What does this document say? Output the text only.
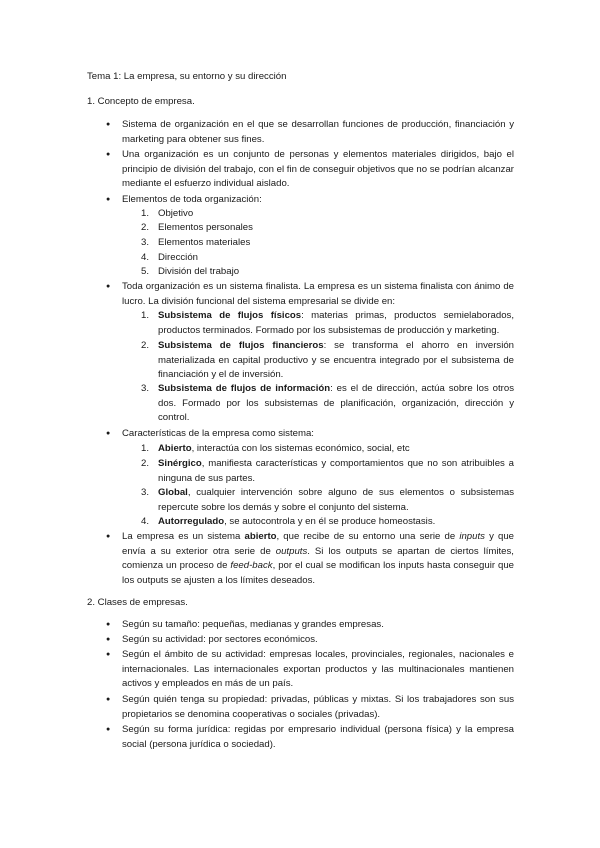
Tema 1: La empresa, su entorno y su dirección
1. Concepto de empresa.
● Sistema de organización en el que se desarrollan funciones de producción, financiación y marketing para obtener sus fines.
● Una organización es un conjunto de personas y elementos materiales dirigidos, bajo el principio de división del trabajo, con el fin de conseguir objetivos que no se podrían alcanzar mediante el esfuerzo individual aislado.
● Elementos de toda organización:
1. Objetivo
2. Elementos personales
3. Elementos materiales
4. Dirección
5. División del trabajo
● Toda organización es un sistema finalista. La empresa es un sistema finalista con ánimo de lucro. La división funcional del sistema empresarial se divide en:
1. Subsistema de flujos físicos: materias primas, productos semielaborados, productos terminados. Formado por los subsistemas de producción y marketing.
2. Subsistema de flujos financieros: se transforma el ahorro en inversión materializada en capital productivo y se encuentra integrado por el subsistema de financiación y el de inversión.
3. Subsistema de flujos de información: es el de dirección, actúa sobre los otros dos. Formado por los subsistemas de planificación, organización, dirección y control.
● Características de la empresa como sistema:
1. Abierto, interactúa con los sistemas económico, social, etc
2. Sinérgico, manifiesta características y comportamientos que no son atribuibles a ninguna de sus partes.
3. Global, cualquier intervención sobre alguno de sus elementos o subsistemas repercute sobre los demás y sobre el conjunto del sistema.
4. Autorregulado, se autocontrola y en él se produce homeostasis.
● La empresa es un sistema abierto, que recibe de su entorno una serie de inputs y que envía a su exterior otra serie de outputs. Si los outputs se apartan de ciertos límites, comienza un proceso de feed-back, por el cual se modifican los inputs hasta conseguir que los outputs se ajusten a los límites deseados.
2. Clases de empresas.
● Según su tamaño: pequeñas, medianas y grandes empresas.
● Según su actividad: por sectores económicos.
● Según el ámbito de su actividad: empresas locales, provinciales, regionales, nacionales e internacionales. Las internacionales exportan productos y las multinacionales mantienen activos y empleados en más de un país.
● Según quién tenga su propiedad: privadas, públicas y mixtas. Si los trabajadores son sus propietarios se denomina cooperativas o sociales (privadas).
● Según su forma jurídica: regidas por empresario individual (persona física) y la empresa social (persona jurídica o sociedad).
